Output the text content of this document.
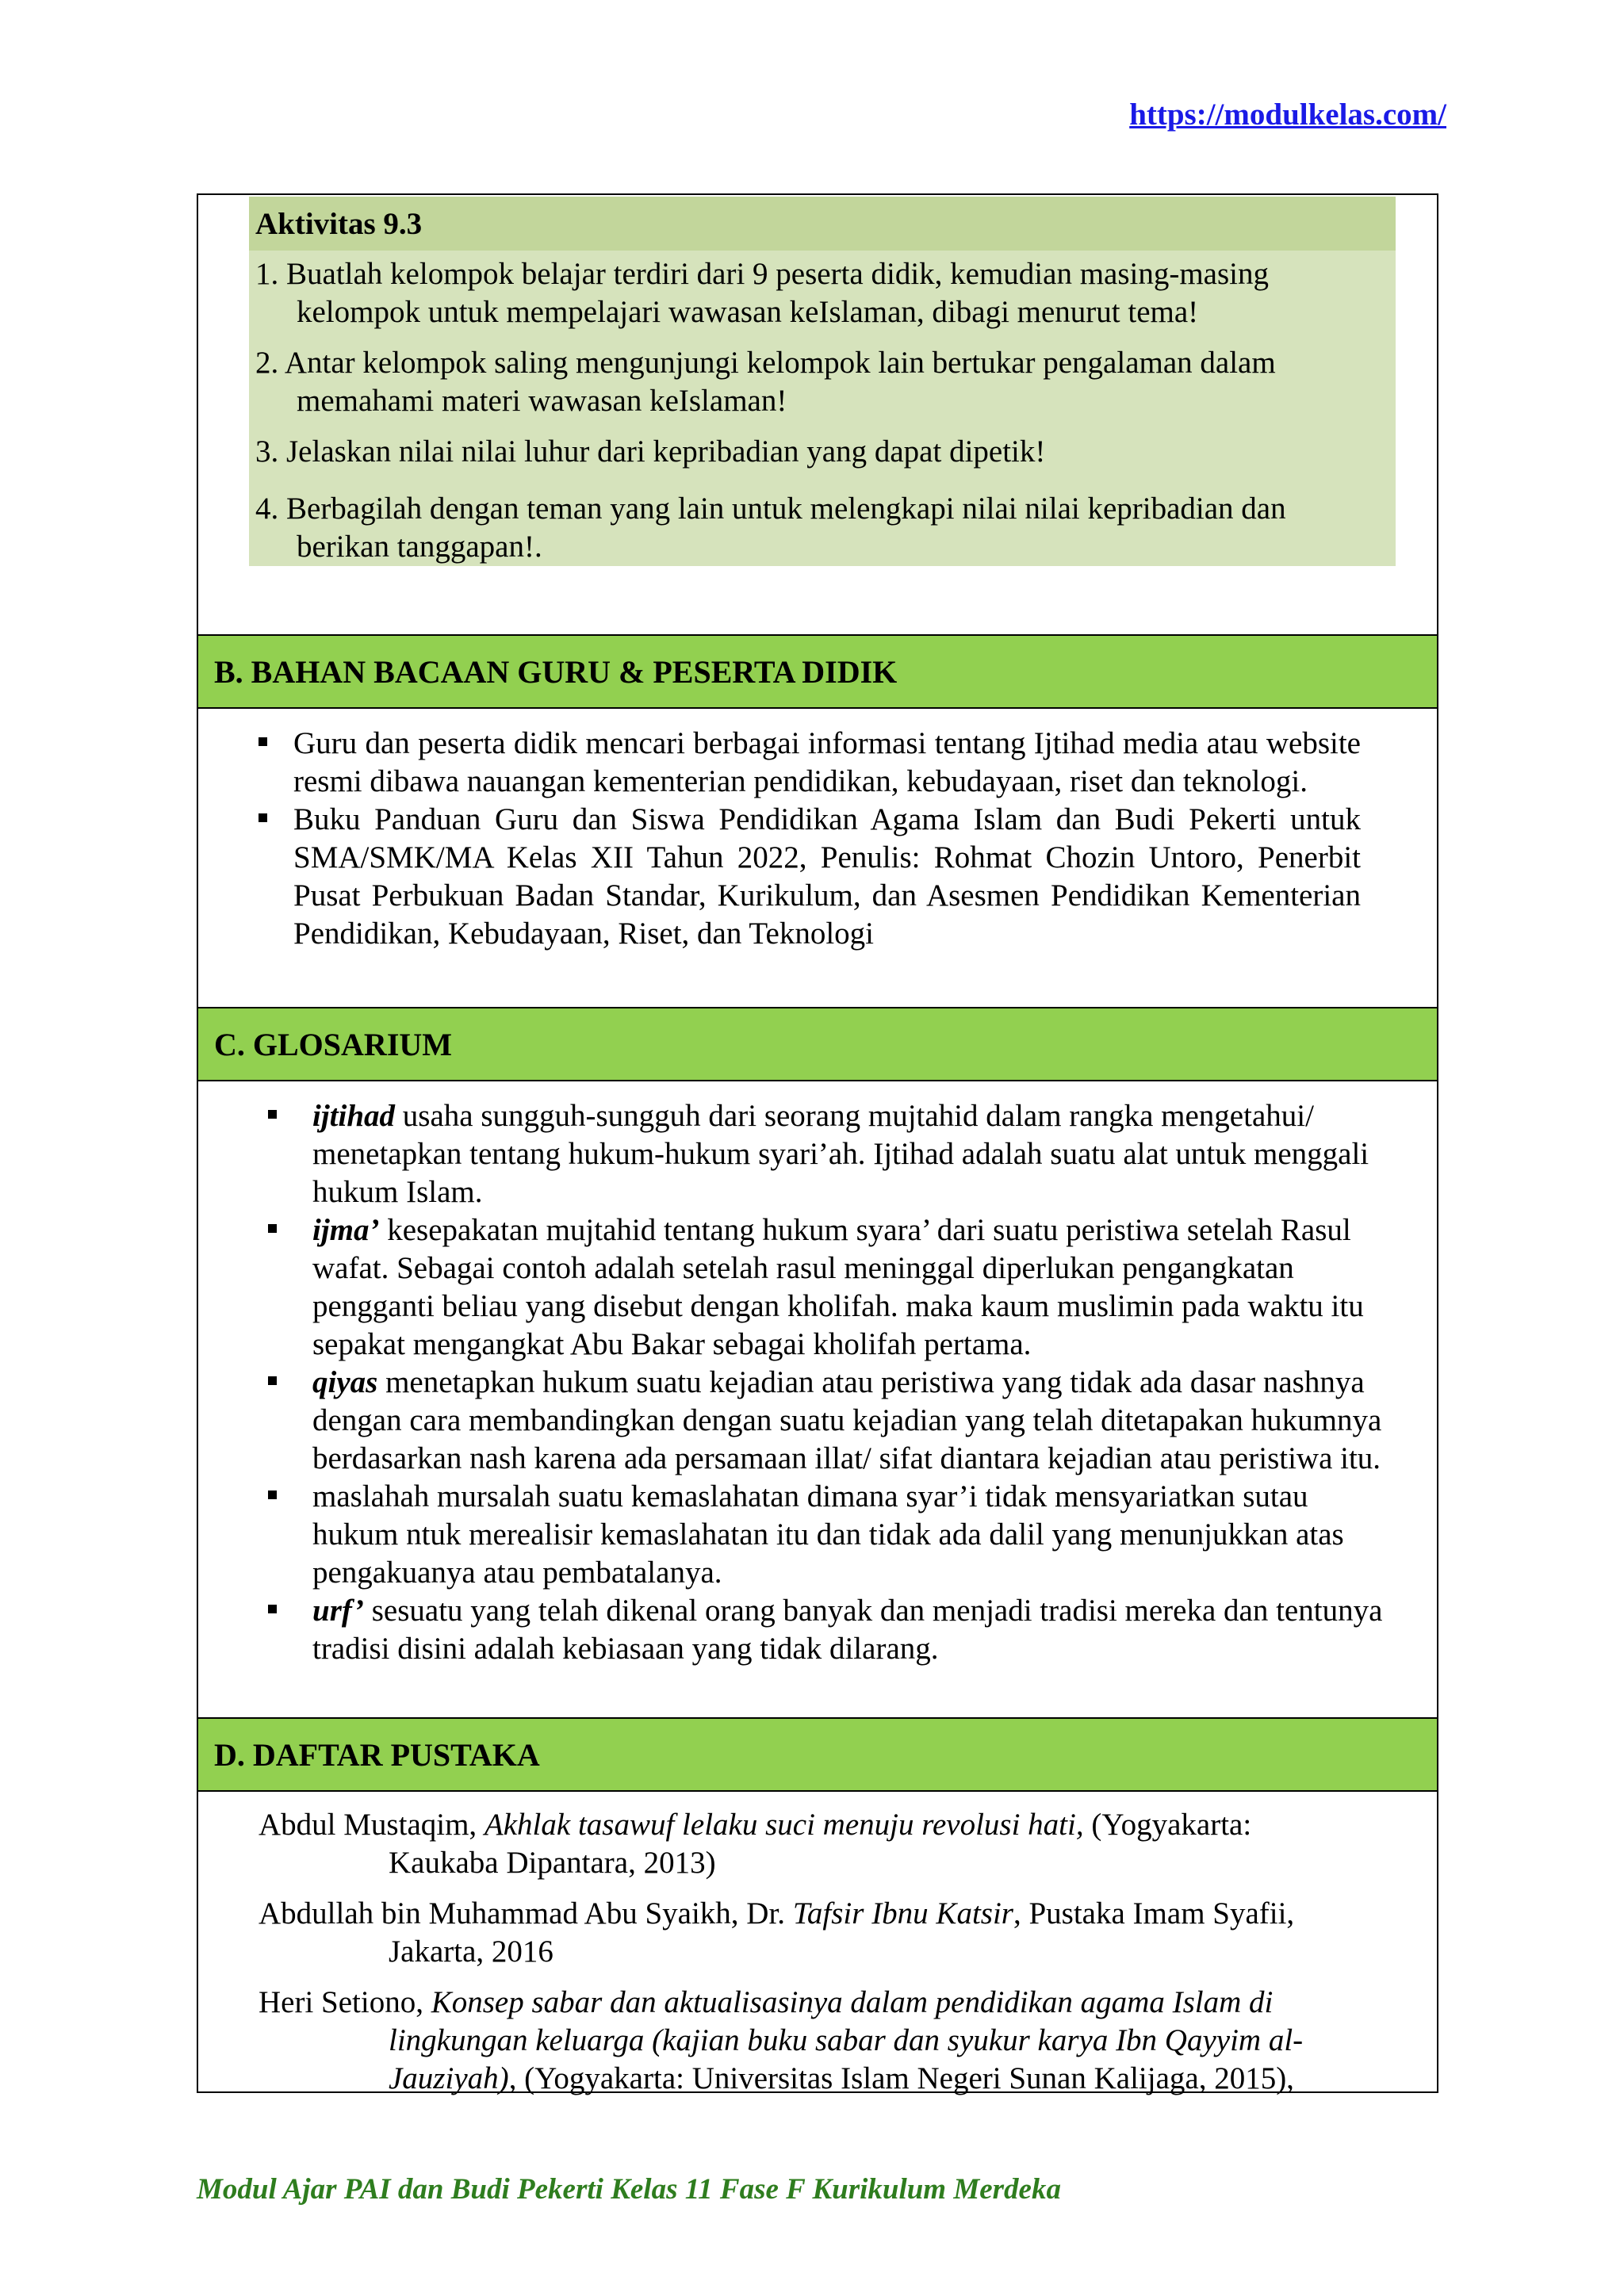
https://modulkelas.com/
Aktivitas 9.3
1. Buatlah kelompok belajar terdiri dari 9 peserta didik, kemudian masing-masing
kelompok untuk mempelajari wawasan keIslaman, dibagi menurut tema!
2. Antar kelompok saling mengunjungi kelompok lain bertukar pengalaman dalam
memahami materi wawasan keIslaman!
3. Jelaskan nilai nilai luhur dari kepribadian yang dapat dipetik!
4. Berbagilah dengan teman yang lain untuk melengkapi nilai nilai kepribadian dan
berikan tanggapan!.
B. BAHAN BACAAN GURU & PESERTA DIDIK
Guru dan peserta didik mencari berbagai informasi tentang Ijtihad media atau website resmi dibawa nauangan kementerian pendidikan, kebudayaan, riset dan teknologi.
Buku Panduan Guru dan Siswa Pendidikan Agama Islam dan Budi Pekerti untuk SMA/SMK/MA Kelas XII Tahun 2022, Penulis: Rohmat Chozin Untoro, Penerbit Pusat Perbukuan Badan Standar, Kurikulum, dan Asesmen Pendidikan Kementerian Pendidikan, Kebudayaan, Riset, dan Teknologi
C. GLOSARIUM
ijtihad usaha sungguh-sungguh dari seorang mujtahid dalam rangka mengetahui/ menetapkan tentang hukum-hukum syari’ah. Ijtihad adalah suatu alat untuk menggali hukum Islam.
ijma’ kesepakatan mujtahid tentang hukum syara’ dari suatu peristiwa setelah Rasul wafat. Sebagai contoh adalah setelah rasul meninggal diperlukan pengangkatan pengganti beliau yang disebut dengan kholifah. maka kaum muslimin pada waktu itu sepakat mengangkat Abu Bakar sebagai kholifah pertama.
qiyas menetapkan hukum suatu kejadian atau peristiwa yang tidak ada dasar nashnya dengan cara membandingkan dengan suatu kejadian yang telah ditetapakan hukumnya berdasarkan nash karena ada persamaan illat/ sifat diantara kejadian atau peristiwa itu.
maslahah mursalah suatu kemaslahatan dimana syar’i tidak mensyariatkan sutau hukum ntuk merealisir kemaslahatan itu dan tidak ada dalil yang menunjukkan atas pengakuanya atau pembatalanya.
urf’ sesuatu yang telah dikenal orang banyak dan menjadi tradisi mereka dan tentunya tradisi disini adalah kebiasaan yang tidak dilarang.
D. DAFTAR PUSTAKA
Abdul Mustaqim, Akhlak tasawuf lelaku suci menuju revolusi hati, (Yogyakarta:
Kaukaba Dipantara, 2013)
Abdullah bin Muhammad Abu Syaikh, Dr. Tafsir Ibnu Katsir, Pustaka Imam Syafii,
Jakarta, 2016
Heri Setiono, Konsep sabar dan aktualisasinya dalam pendidikan agama Islam di
lingkungan keluarga (kajian buku sabar dan syukur karya Ibn Qayyim al-
Jauziyah), (Yogyakarta: Universitas Islam Negeri Sunan Kalijaga, 2015),
Modul Ajar PAI dan Budi Pekerti Kelas 11 Fase F Kurikulum Merdeka
